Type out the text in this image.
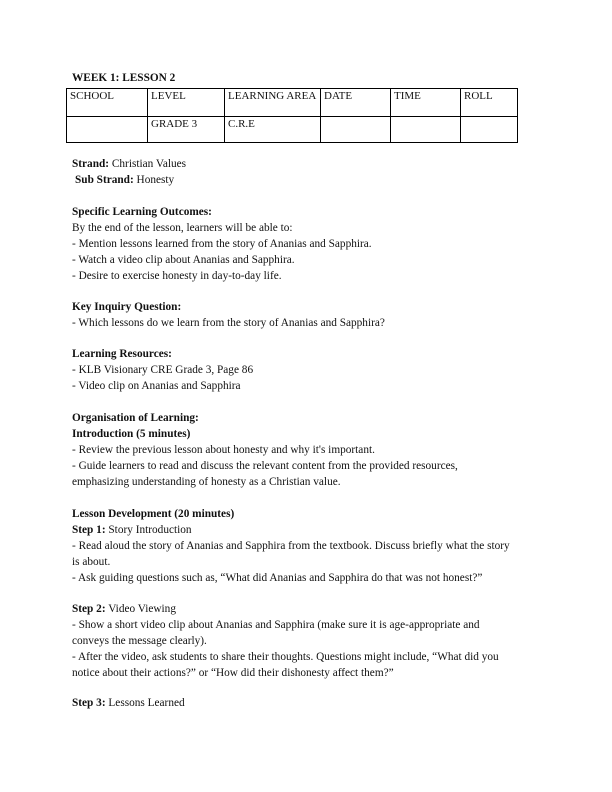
WEEK 1: LESSON 2
SCHOOL	LEVEL	LEARNING AREA	DATE	TIME	ROLL
	GRADE 3	C.R.E			
Strand: Christian Values
Sub Strand: Honesty
Specific Learning Outcomes:
By the end of the lesson, learners will be able to:
- Mention lessons learned from the story of Ananias and Sapphira.
- Watch a video clip about Ananias and Sapphira.
- Desire to exercise honesty in day-to-day life.
Key Inquiry Question:
- Which lessons do we learn from the story of Ananias and Sapphira?
Learning Resources:
- KLB Visionary CRE Grade 3, Page 86
- Video clip on Ananias and Sapphira
Organisation of Learning:
Introduction (5 minutes)
- Review the previous lesson about honesty and why it's important.
- Guide learners to read and discuss the relevant content from the provided resources,
emphasizing understanding of honesty as a Christian value.
Lesson Development (20 minutes)
Step 1: Story Introduction
- Read aloud the story of Ananias and Sapphira from the textbook. Discuss briefly what the story
is about.
- Ask guiding questions such as, “What did Ananias and Sapphira do that was not honest?”
Step 2: Video Viewing
- Show a short video clip about Ananias and Sapphira (make sure it is age-appropriate and
conveys the message clearly).
- After the video, ask students to share their thoughts. Questions might include, “What did you
notice about their actions?” or “How did their dishonesty affect them?”
Step 3: Lessons Learned
